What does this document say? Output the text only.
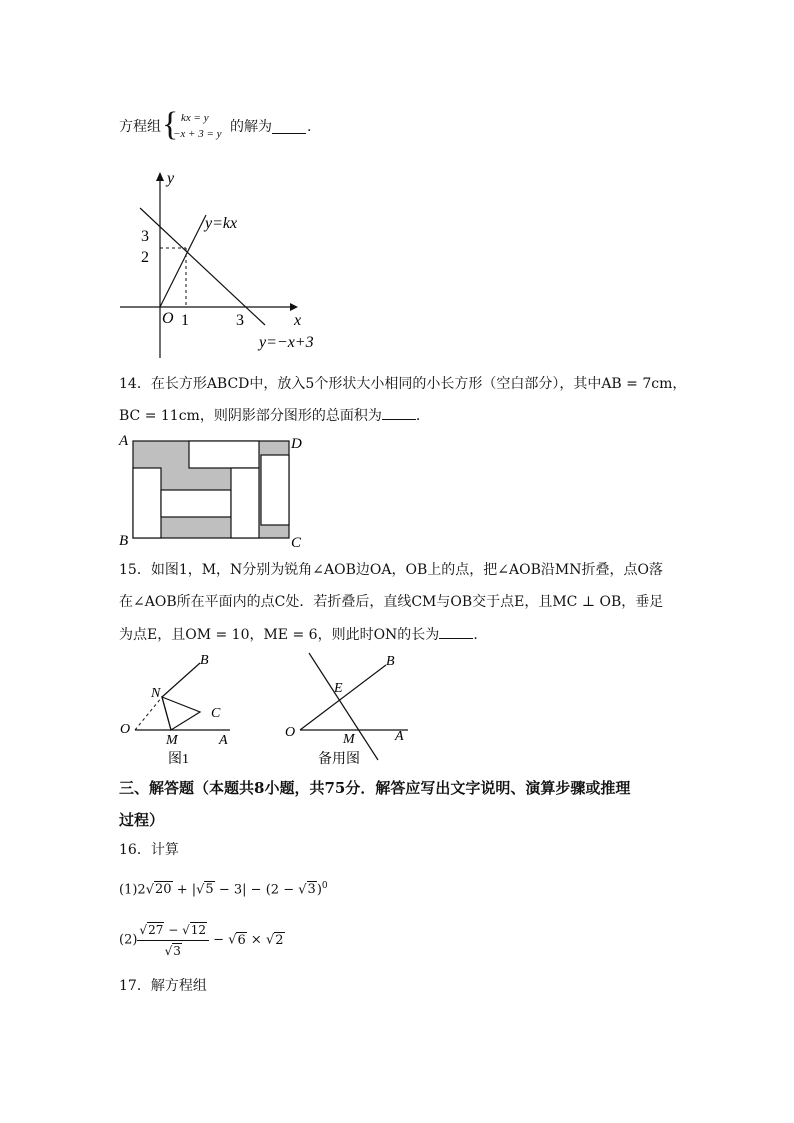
方程组 { kx = y
−x + 3 = y 的解为	.
y
x
O 1	3
2
3
y=kx
y=−x+3
14．在长方形ABCD中，放入5个形状大小相同的小长方形（空白部分），其中AB = 7cm，
BC = 11cm，则阴影部分图形的总面积为 .
A	D
B	C
15．如图1，M，N分别为锐角∠AOB边OA，OB上的点，把∠AOB沿MN折叠，点O落
在∠AOB所在平面内的点C处．若折叠后，直线CM与OB交于点E，且MC ⊥ OB，垂足
为点E，且OM = 10，ME = 6，则此时ON的长为 .
B
N
C
O
M	A
图1
B
E
O	M	A
备用图
三、解答题（本题共8小题，共75分．解答应写出文字说明、演算步骤或推理
过程）
16．计算
$(1)2√20 + |√5 - 3| - (2 - √3)^0$
$(2) \frac{√27 - √12}{√3} - √6 \times √2$
17．解方程组
